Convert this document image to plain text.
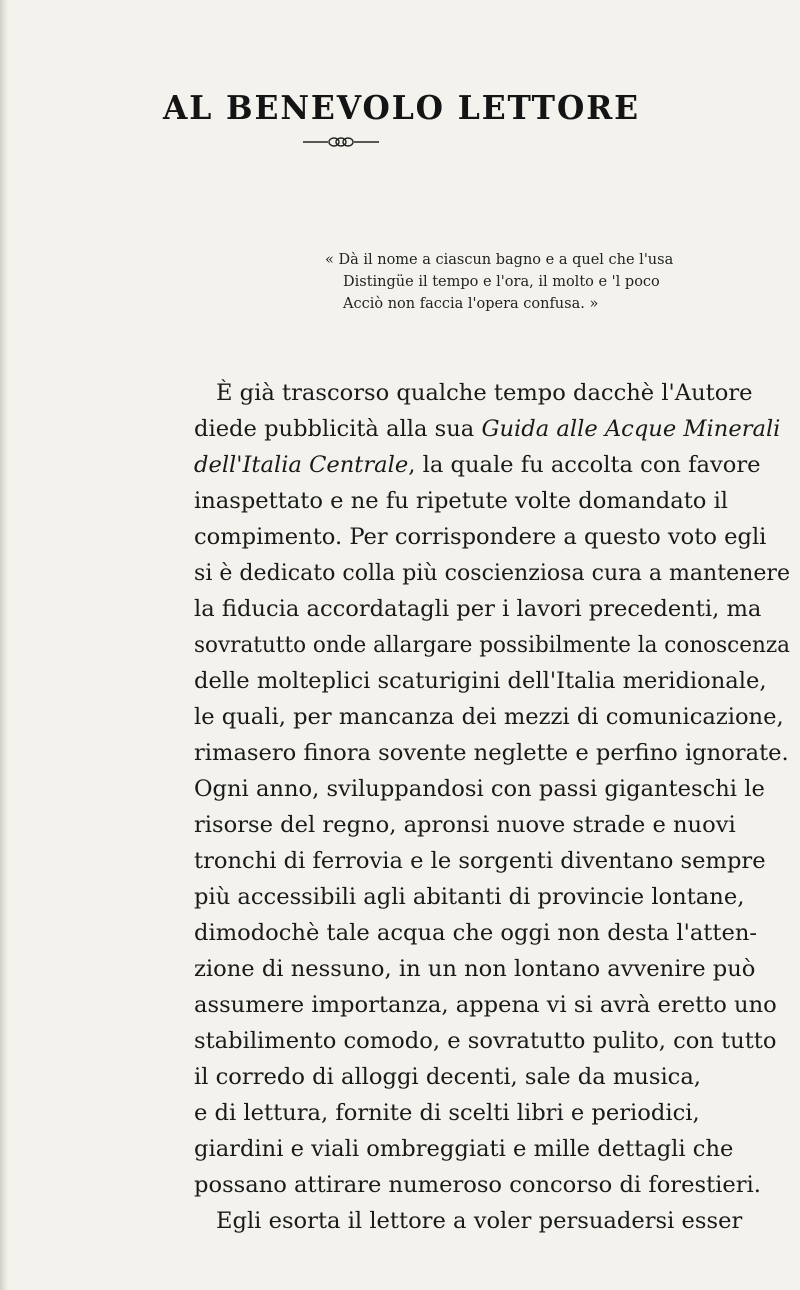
AL BENEVOLO LETTORE
« Dà il nome a ciascun bagno e a quel che l'usa
Distingüe il tempo e l'ora, il molto e 'l poco
Acciò non faccia l'opera confusa. »
È già trascorso qualche tempo dacchè l'Autore
diede pubblicità alla sua Guida alle Acque Minerali
dell'Italia Centrale, la quale fu accolta con favore
inaspettato e ne fu ripetute volte domandato il
compimento. Per corrispondere a questo voto egli
si è dedicato colla più coscienziosa cura a mantenere
la fiducia accordatagli per i lavori precedenti, ma
sovratutto onde allargare possibilmente la conoscenza
delle molteplici scaturigini dell'Italia meridionale,
le quali, per mancanza dei mezzi di comunicazione,
rimasero finora sovente neglette e perfino ignorate.
Ogni anno, sviluppandosi con passi giganteschi le
risorse del regno, apronsi nuove strade e nuovi
tronchi di ferrovia e le sorgenti diventano sempre
più accessibili agli abitanti di provincie lontane,
dimodochè tale acqua che oggi non desta l'atten-
zione di nessuno, in un non lontano avvenire può
assumere importanza, appena vi si avrà eretto uno
stabilimento comodo, e sovratutto pulito, con tutto
il corredo di alloggi decenti, sale da musica,
e di lettura, fornite di scelti libri e periodici,
giardini e viali ombreggiati e mille dettagli che
possano attirare numeroso concorso di forestieri.
Egli esorta il lettore a voler persuadersi esser
